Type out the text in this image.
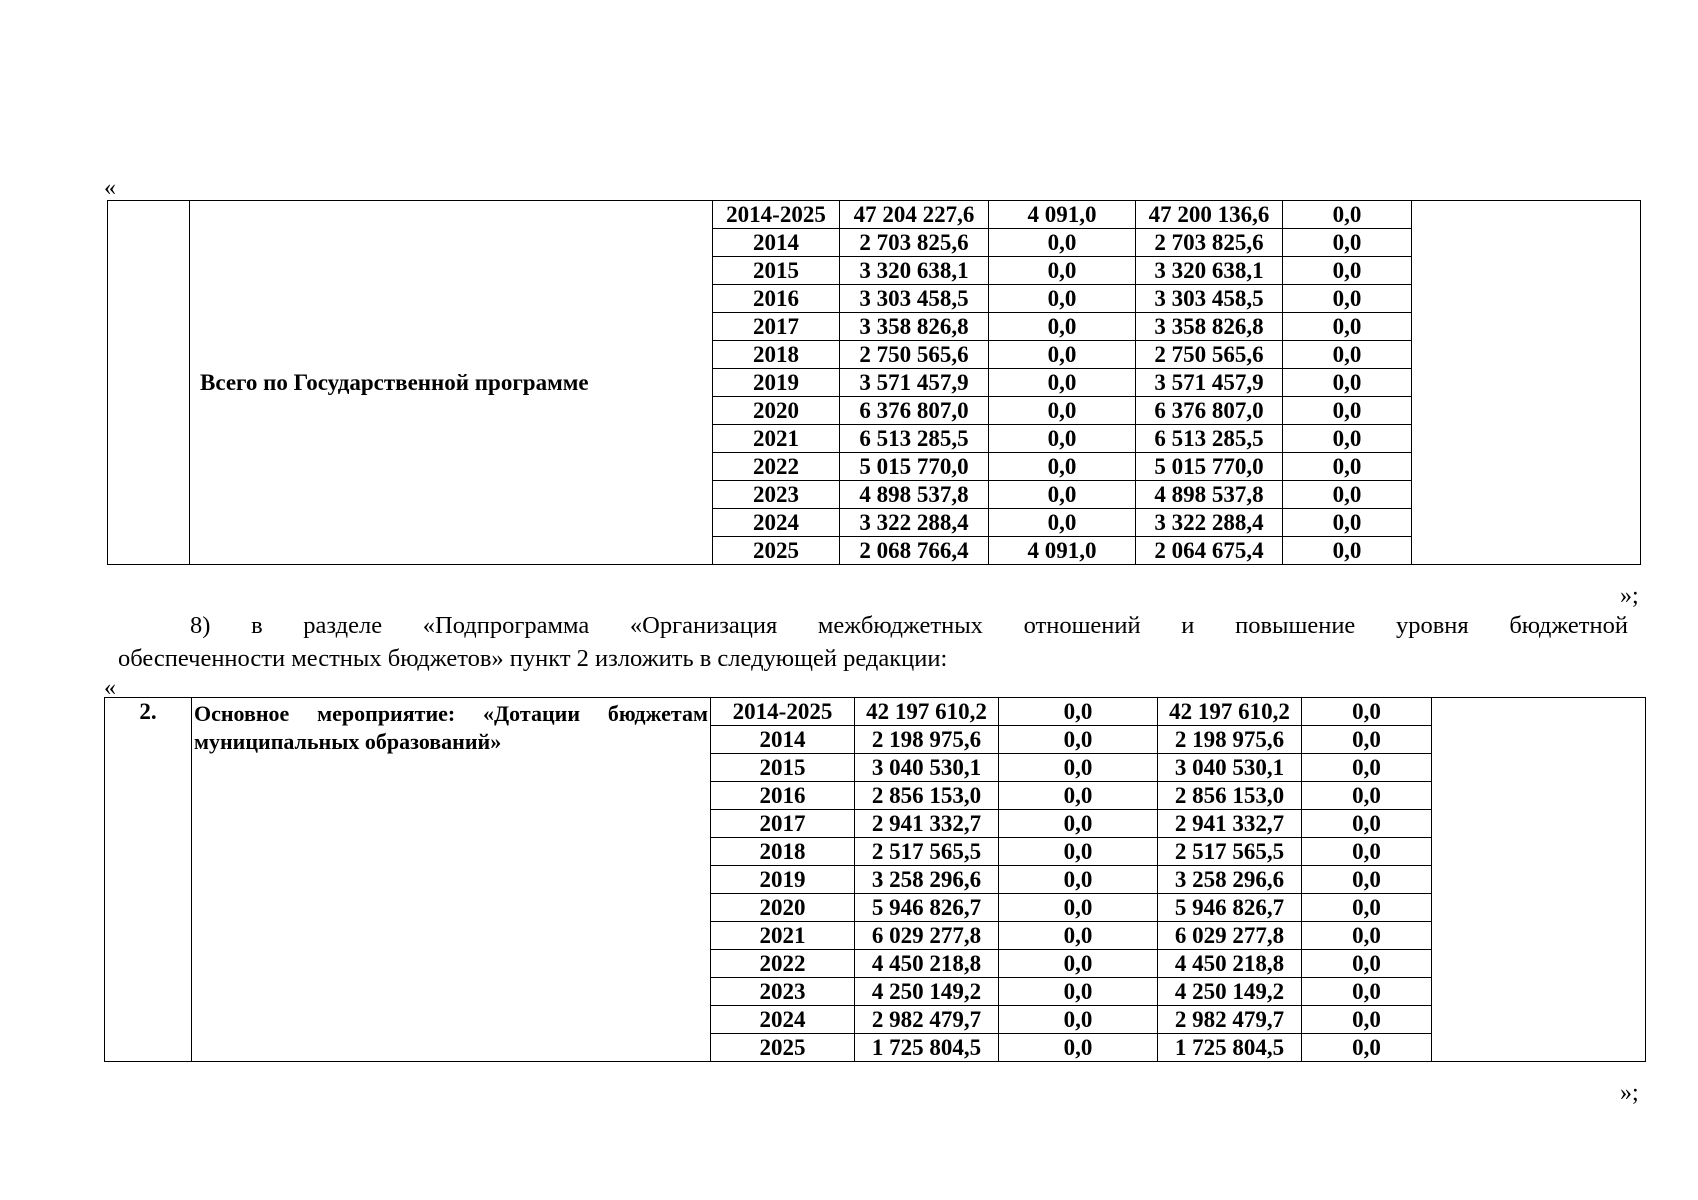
«
	Всего по Государственной программе	2014-2025	47 204 227,6	4 091,0	47 200 136,6	0,0	
		2014	2 703 825,6	0,0	2 703 825,6	0,0	
		2015	3 320 638,1	0,0	3 320 638,1	0,0	
		2016	3 303 458,5	0,0	3 303 458,5	0,0	
		2017	3 358 826,8	0,0	3 358 826,8	0,0	
		2018	2 750 565,6	0,0	2 750 565,6	0,0	
		2019	3 571 457,9	0,0	3 571 457,9	0,0	
		2020	6 376 807,0	0,0	6 376 807,0	0,0	
		2021	6 513 285,5	0,0	6 513 285,5	0,0	
		2022	5 015 770,0	0,0	5 015 770,0	0,0	
		2023	4 898 537,8	0,0	4 898 537,8	0,0	
		2024	3 322 288,4	0,0	3 322 288,4	0,0	
		2025	2 068 766,4	4 091,0	2 064 675,4	0,0	
»;
8) в разделе «Подпрограмма «Организация межбюджетных отношений и повышение уровня бюджетной
обеспеченности местных бюджетов» пункт 2 изложить в следующей редакции:
«
2.	Основное мероприятие: «Дотации бюджетам муниципальных образований»	2014-2025	42 197 610,2	0,0	42 197 610,2	0,0	
		2014	2 198 975,6	0,0	2 198 975,6	0,0	
		2015	3 040 530,1	0,0	3 040 530,1	0,0	
		2016	2 856 153,0	0,0	2 856 153,0	0,0	
		2017	2 941 332,7	0,0	2 941 332,7	0,0	
		2018	2 517 565,5	0,0	2 517 565,5	0,0	
		2019	3 258 296,6	0,0	3 258 296,6	0,0	
		2020	5 946 826,7	0,0	5 946 826,7	0,0	
		2021	6 029 277,8	0,0	6 029 277,8	0,0	
		2022	4 450 218,8	0,0	4 450 218,8	0,0	
		2023	4 250 149,2	0,0	4 250 149,2	0,0	
		2024	2 982 479,7	0,0	2 982 479,7	0,0	
		2025	1 725 804,5	0,0	1 725 804,5	0,0	
»;
